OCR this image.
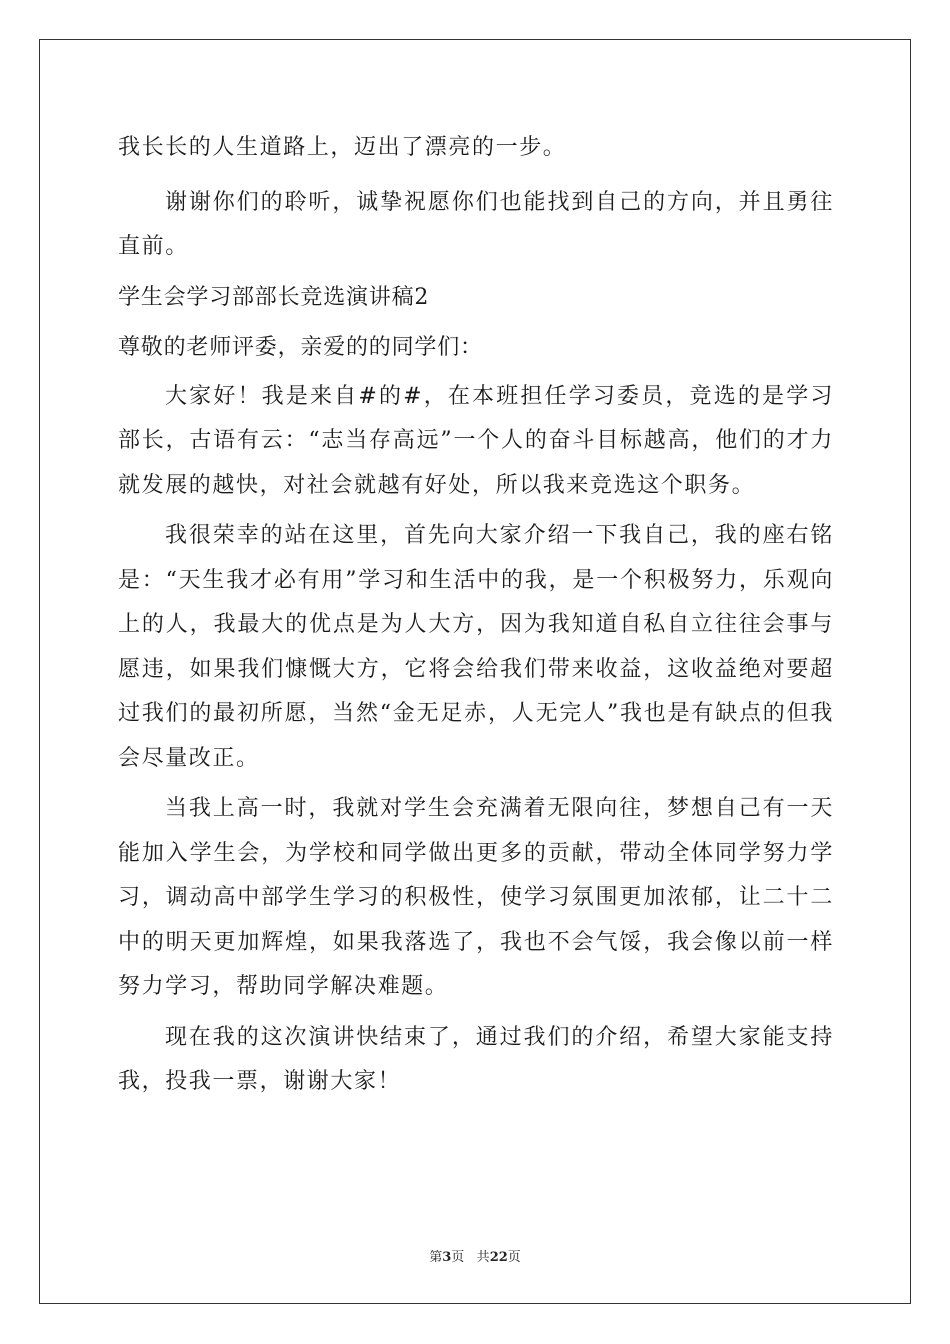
我长长的人生道路上，迈出了漂亮的一步。

谢谢你们的聆听，诚挚祝愿你们也能找到自己的方向，并且勇往直前。

学生会学习部部长竞选演讲稿2

尊敬的老师评委，亲爱的的同学们：

大家好！我是来自#的#，在本班担任学习委员，竞选的是学习部长，古语有云：“志当存高远”一个人的奋斗目标越高，他们的才力就发展的越快，对社会就越有好处，所以我来竞选这个职务。

我很荣幸的站在这里，首先向大家介绍一下我自己，我的座右铭是：“天生我才必有用”学习和生活中的我，是一个积极努力，乐观向上的人，我最大的优点是为人大方，因为我知道自私自立往往会事与愿违，如果我们慷慨大方，它将会给我们带来收益，这收益绝对要超过我们的最初所愿，当然“金无足赤，人无完人”我也是有缺点的但我会尽量改正。

当我上高一时，我就对学生会充满着无限向往，梦想自己有一天能加入学生会，为学校和同学做出更多的贡献，带动全体同学努力学习，调动高中部学生学习的积极性，使学习氛围更加浓郁，让二十二中的明天更加辉煌，如果我落选了，我也不会气馁，我会像以前一样努力学习，帮助同学解决难题。

现在我的这次演讲快结束了，通过我们的介绍，希望大家能支持我，投我一票，谢谢大家！

第3页 共22页
